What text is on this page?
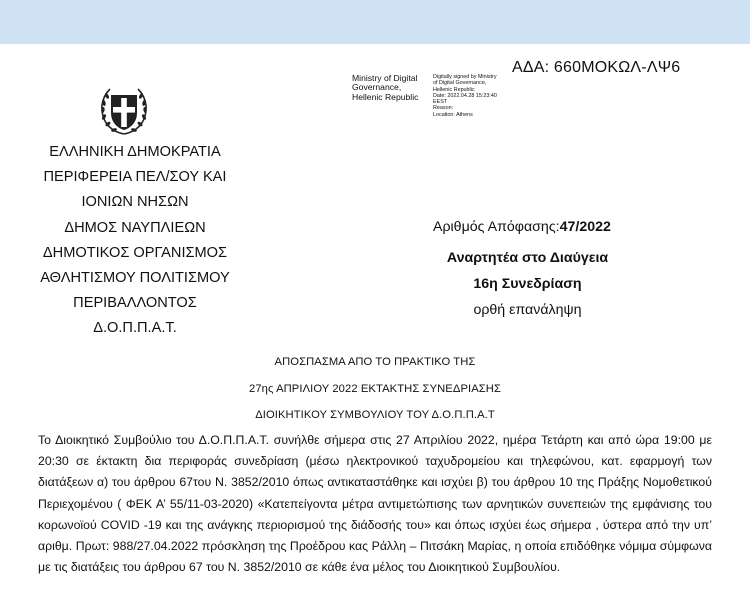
ΑΔΑ: 660ΜΟΚΩΛ-ΛΨ6
Ministry of Digital
Governance,
Hellenic Republic
Digitally signed by Ministry
of Digital Governance,
Hellenic Republic
Date: 2022.04.28 15:23:40
EEST
Reason:
Location: Athens
ΕΛΛΗΝΙΚΗ ΔΗΜΟΚΡΑΤΙΑ
ΠΕΡΙΦΕΡΕΙΑ ΠΕΛ/ΣΟΥ ΚΑΙ
ΙΟΝΙΩΝ ΝΗΣΩΝ
ΔΗΜΟΣ ΝΑΥΠΛΙΕΩΝ
ΔΗΜΟΤΙΚΟΣ ΟΡΓΑΝΙΣΜΟΣ
ΑΘΛΗΤΙΣΜΟΥ ΠΟΛΙΤΙΣΜΟΥ
ΠΕΡΙΒΑΛΛΟΝΤΟΣ
Δ.Ο.Π.Π.Α.Τ.
Αριθμός Απόφασης:47/2022
Αναρτητέα στο Διαύγεια
16η Συνεδρίαση
ορθή επανάληψη
ΑΠΟΣΠΑΣΜΑ ΑΠΟ ΤΟ ΠΡΑΚΤΙΚΟ ΤΗΣ
27ης ΑΠΡΙΛΙΟΥ 2022 ΕΚΤΑΚΤΗΣ ΣΥΝΕΔΡΙΑΣΗΣ
ΔΙΟΙΚΗΤΙΚΟΥ ΣΥΜΒΟΥΛΙΟΥ ΤΟΥ Δ.Ο.Π.Π.Α.Τ
Το Διοικητικό Συμβούλιο του Δ.Ο.Π.Π.Α.Τ. συνήλθε σήμερα στις 27 Απριλίου 2022, ημέρα Τετάρτη και από ώρα 19:00 με 20:30 σε έκτακτη δια περιφοράς συνεδρίαση (μέσω ηλεκτρονικού ταχυδρομείου και τηλεφώνου, κατ. εφαρμογή των διατάξεων α) του άρθρου 67του Ν. 3852/2010 όπως αντικαταστάθηκε και ισχύει β) του άρθρου 10 της Πράξης Νομοθετικού Περιεχομένου ( ΦΕΚ Α’ 55/11-03-2020) «Κατεπείγοντα μέτρα αντιμετώπισης των αρνητικών συνεπειών της εμφάνισης του κορωνοϊού COVID -19 και της ανάγκης περιορισμού της διάδοσής του» και όπως ισχύει έως σήμερα , ύστερα από την υπ’ αριθμ. Πρωτ: 988/27.04.2022 πρόσκληση της Προέδρου κας Ράλλη – Πιτσάκη Μαρίας, η οποία επιδόθηκε νόμιμα σύμφωνα με τις διατάξεις του άρθρου 67 του Ν. 3852/2010 σε κάθε ένα μέλος του Διοικητικού Συμβουλίου.
